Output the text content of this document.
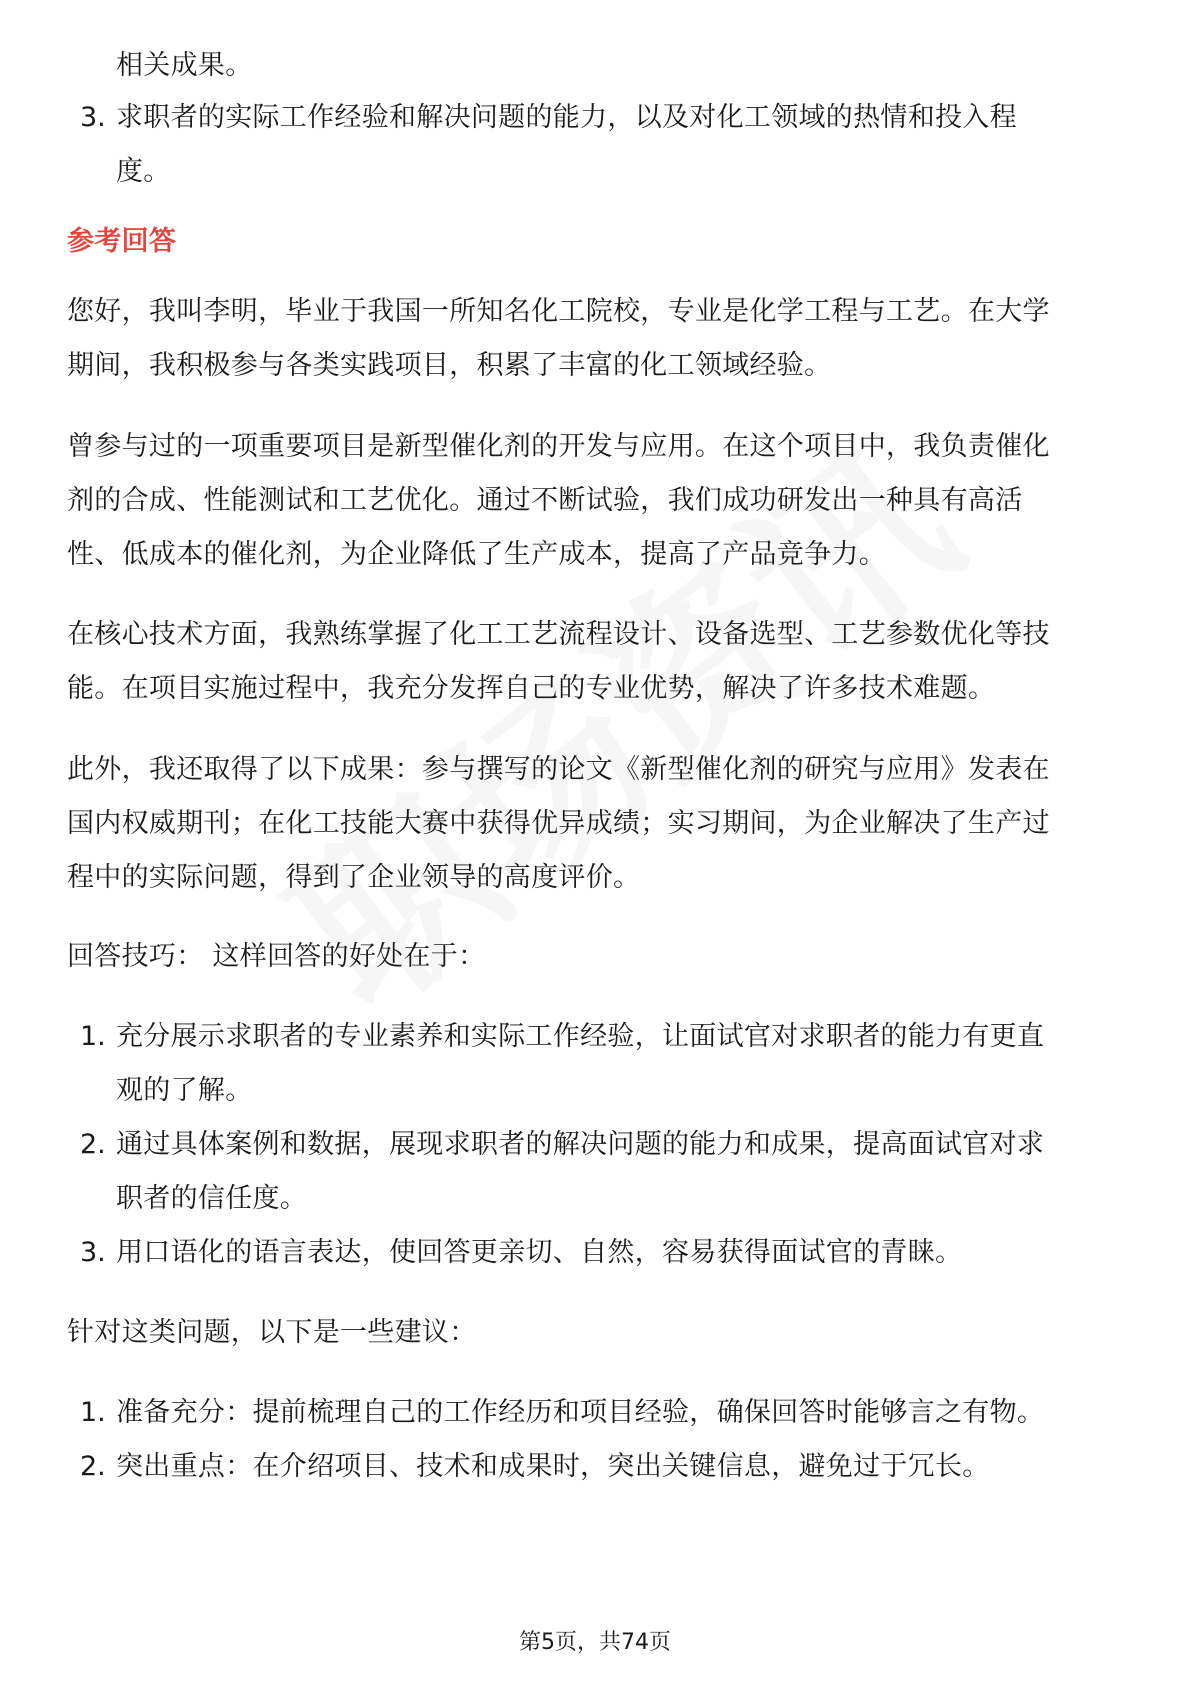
相关成果。
3. 求职者的实际工作经验和解决问题的能力，以及对化工领域的热情和投入程
度。
参考回答
您好，我叫李明，毕业于我国一所知名化工院校，专业是化学工程与工艺。在大学
期间，我积极参与各类实践项目，积累了丰富的化工领域经验。
曾参与过的一项重要项目是新型催化剂的开发与应用。在这个项目中，我负责催化
剂的合成、性能测试和工艺优化。通过不断试验，我们成功研发出一种具有高活
性、低成本的催化剂，为企业降低了生产成本，提高了产品竞争力。
在核心技术方面，我熟练掌握了化工工艺流程设计、设备选型、工艺参数优化等技
能。在项目实施过程中，我充分发挥自己的专业优势，解决了许多技术难题。
此外，我还取得了以下成果：参与撰写的论文《新型催化剂的研究与应用》发表在
国内权威期刊；在化工技能大赛中获得优异成绩；实习期间，为企业解决了生产过
程中的实际问题，得到了企业领导的高度评价。
回答技巧： 这样回答的好处在于：
1. 充分展示求职者的专业素养和实际工作经验，让面试官对求职者的能力有更直
观的了解。
2. 通过具体案例和数据，展现求职者的解决问题的能力和成果，提高面试官对求
职者的信任度。
3. 用口语化的语言表达，使回答更亲切、自然，容易获得面试官的青睐。
针对这类问题，以下是一些建议：
1. 准备充分：提前梳理自己的工作经历和项目经验，确保回答时能够言之有物。
2. 突出重点：在介绍项目、技术和成果时，突出关键信息，避免过于冗长。
第5页，共74页
